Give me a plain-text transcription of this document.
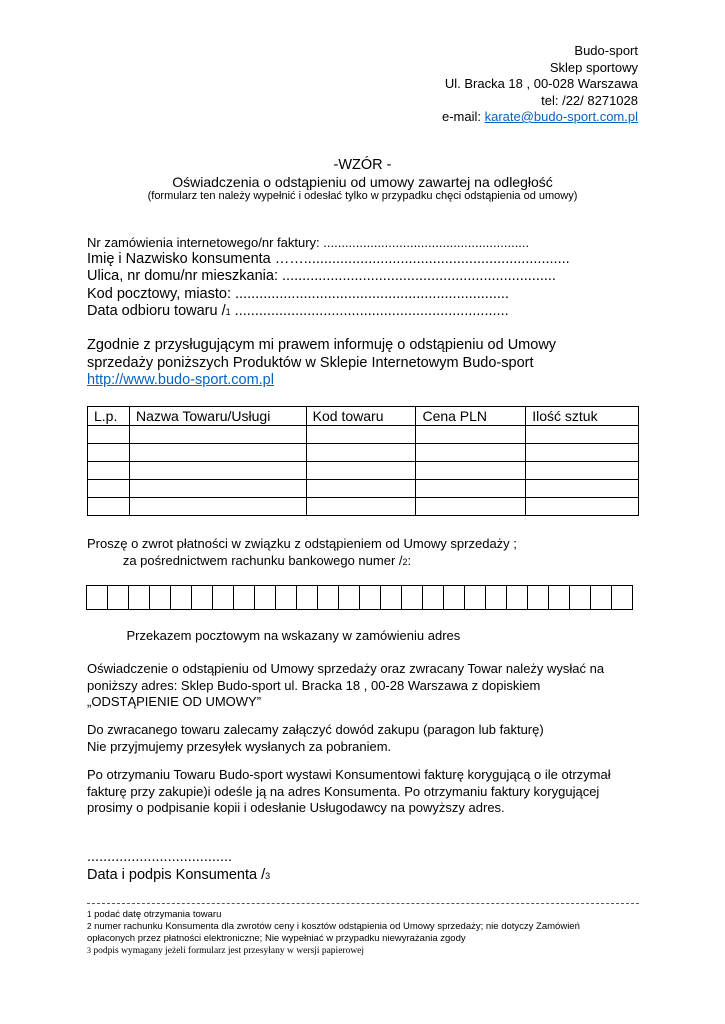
Budo-sport
Sklep sportowy
Ul. Bracka 18 , 00-028 Warszawa
tel: /22/ 8271028
e-mail: karate@budo-sport.com.pl
-WZÓR -
Oświadczenia o odstąpieniu od umowy zawartej na odległość
(formularz ten należy wypełnić i odesłać tylko w przypadku chęci odstąpienia od umowy)
Nr zamówienia internetowego/nr faktury: .........................................................
Imię i Nazwisko konsumenta ……..................................................................
Ulica, nr domu/nr mieszkania: ....................................................................
Kod pocztowy, miasto: ....................................................................
Data odbioru towaru /1 ....................................................................
Zgodnie z przysługującym mi prawem informuję o odstąpieniu od Umowy
sprzedaży poniższych Produktów w Sklepie Internetowym Budo-sport
http://www.budo-sport.com.pl
L.p.	Nazwa Towaru/Usługi	Kod towaru	Cena PLN	Ilość sztuk

Proszę o zwrot płatności w związku z odstąpieniem od Umowy sprzedaży ;
za pośrednictwem rachunku bankowego numer /2:
Przekazem pocztowym na wskazany w zamówieniu adres
Oświadczenie o odstąpieniu od Umowy sprzedaży oraz zwracany Towar należy wysłać na
poniższy adres: Sklep Budo-sport ul. Bracka 18 , 00-28 Warszawa z dopiskiem
„ODSTĄPIENIE OD UMOWY”
Do zwracanego towaru zalecamy załączyć dowód zakupu (paragon lub fakturę)
Nie przyjmujemy przesyłek wysłanych za pobraniem.
Po otrzymaniu Towaru Budo-sport wystawi Konsumentowi fakturę korygującą o ile otrzymał
fakturę przy zakupie)i odeśle ją na adres Konsumenta. Po otrzymaniu faktury korygującej
prosimy o podpisanie kopii i odesłanie Usługodawcy na powyższy adres.
....................................
Data i podpis Konsumenta /3
1 podać datę otrzymania towaru
2 numer rachunku Konsumenta dla zwrotów ceny i kosztów odstąpienia od Umowy sprzedaży; nie dotyczy Zamówień
opłaconych przez płatności elektroniczne; Nie wypełniać w przypadku niewyrażania zgody
3 podpis wymagany jeżeli formularz jest przesyłany w wersji papierowej
